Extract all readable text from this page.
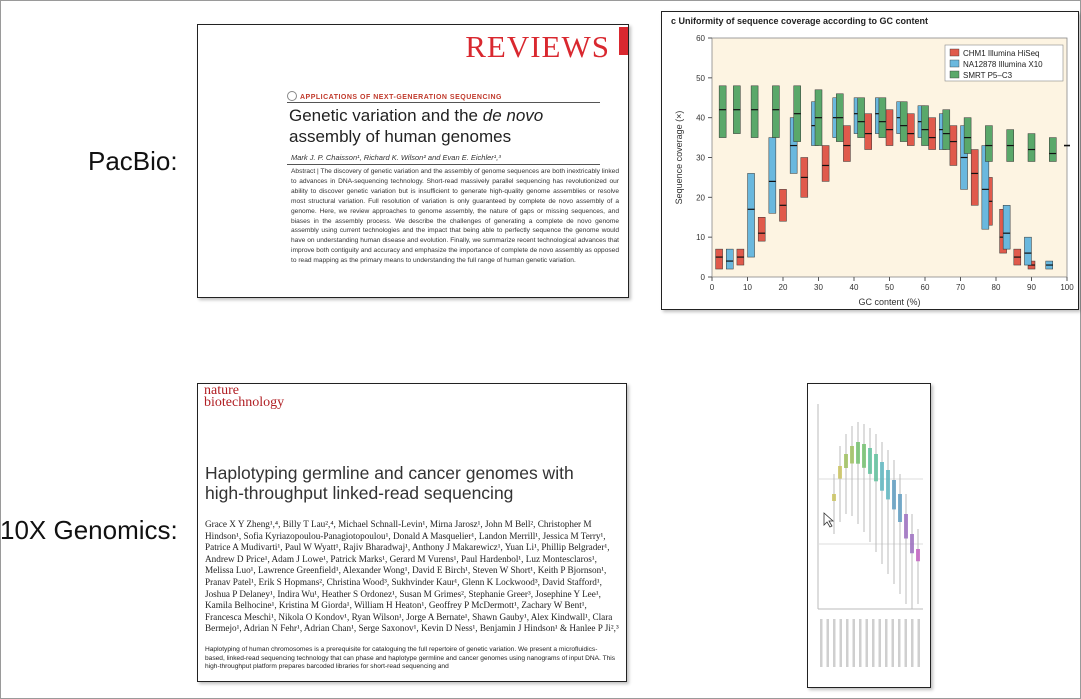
PacBio:
10X Genomics:
REVIEWS
APPLICATIONS OF NEXT-GENERATION SEQUENCING
Genetic variation and the de novo assembly of human genomes
Mark J. P. Chaisson¹, Richard K. Wilson² and Evan E. Eichler¹,³
Abstract | The discovery of genetic variation and the assembly of genome sequences are both inextricably linked to advances in DNA-sequencing technology. Short-read massively parallel sequencing has revolutionized our ability to discover genetic variation but is insufficient to generate high-quality genome assemblies or resolve most structural variation. Full resolution of variation is only guaranteed by complete de novo assembly of a genome. Here, we review approaches to genome assembly, the nature of gaps or missing sequences, and biases in the assembly process. We describe the challenges of generating a complete de novo genome assembly using current technologies and the impact that being able to perfectly sequence the genome would have on understanding human disease and evolution. Finally, we summarize recent technological advances that improve both contiguity and accuracy and emphasize the importance of complete de novo assembly as opposed to read mapping as the primary means to understanding the full range of human genetic variation.
c Uniformity of sequence coverage according to GC content
0
10
20
30
40
50
60
0	10	20	30	40	50	60	70	80	90	100
GC content (%)
Sequence coverage (×)
CHM1 Illumina HiSeq
NA12878 Illumina X10
SMRT P5–C3
nature
biotechnology
Haplotyping germline and cancer genomes with high-throughput linked-read sequencing
Grace X Y Zheng¹,⁴, Billy T Lau²,⁴, Michael Schnall-Levin¹, Mirna Jarosz¹, John M Bell², Christopher M Hindson¹, Sofia Kyriazopoulou-Panagiotopoulou¹, Donald A Masquelier¹, Landon Merrill¹, Jessica M Terry¹, Patrice A Mudivarti¹, Paul W Wyatt¹, Rajiv Bharadwaj¹, Anthony J Makarewicz¹, Yuan Li¹, Phillip Belgrader¹, Andrew D Price¹, Adam J Lowe¹, Patrick Marks¹, Gerard M Vurens¹, Paul Hardenbol¹, Luz Montesclaros¹, Melissa Luo¹, Lawrence Greenfield¹, Alexander Wong¹, David E Birch¹, Steven W Short¹, Keith P Bjornson¹, Pranav Patel¹, Erik S Hopmans², Christina Wood³, Sukhvinder Kaur¹, Glenn K Lockwood³, David Stafford¹, Joshua P Delaney¹, Indira Wu¹, Heather S Ordonez¹, Susan M Grimes², Stephanie Greer³, Josephine Y Lee¹, Kamila Belhocine¹, Kristina M Giorda¹, William H Heaton¹, Geoffrey P McDermott¹, Zachary W Bent¹, Francesca Meschi¹, Nikola O Kondov¹, Ryan Wilson¹, Jorge A Bernate¹, Shawn Gauby¹, Alex Kindwall¹, Clara Bermejo¹, Adrian N Fehr¹, Adrian Chan¹, Serge Saxonov¹, Kevin D Ness¹, Benjamin J Hindson¹ & Hanlee P Ji²,³
Haplotyping of human chromosomes is a prerequisite for cataloguing the full repertoire of genetic variation. We present a microfluidics-based, linked-read sequencing technology that can phase and haplotype germline and cancer genomes using nanograms of input DNA. This high-throughput platform prepares barcoded libraries for short-read sequencing and
